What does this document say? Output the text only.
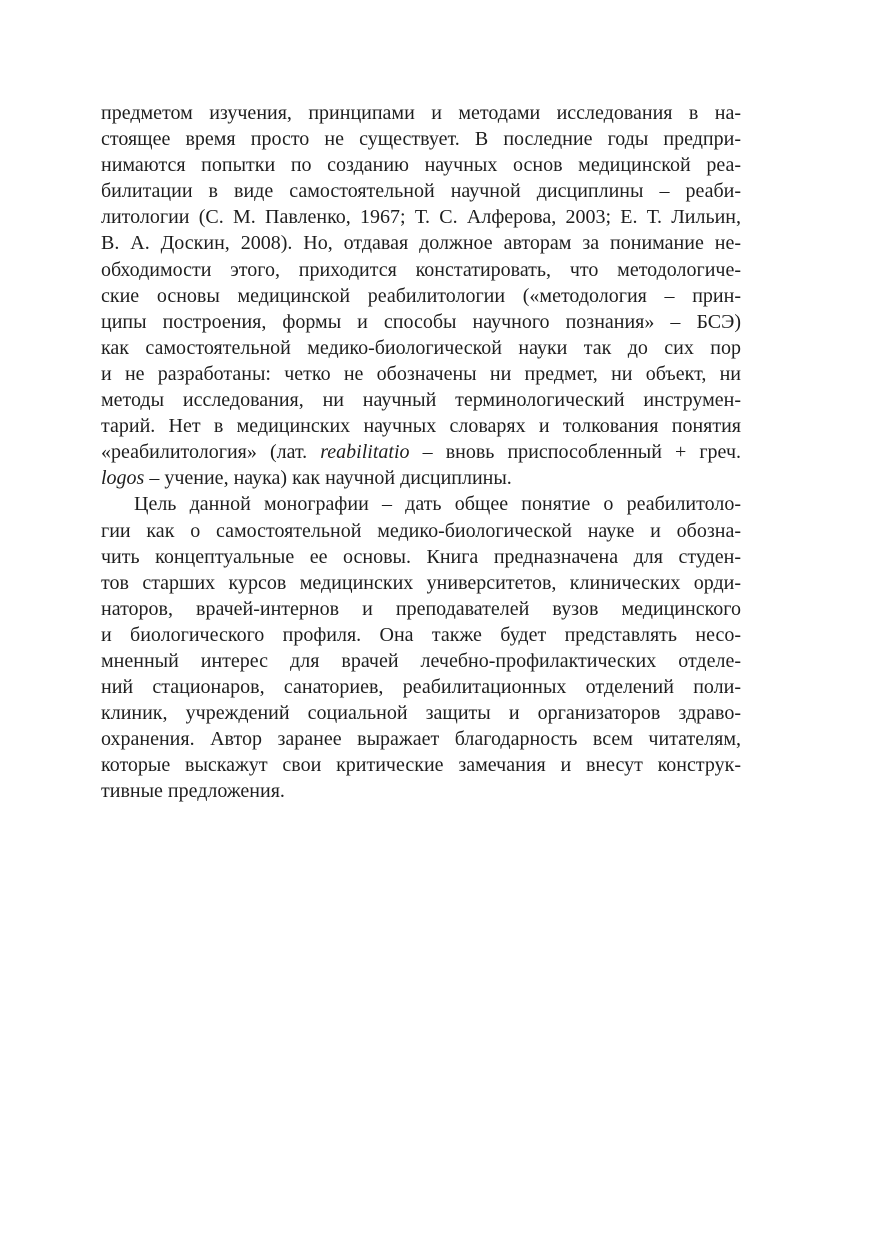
предметом изучения, принципами и методами исследования в на-
стоящее время просто не существует. В последние годы предпри-
нимаются попытки по созданию научных основ медицинской реа-
билитации в виде самостоятельной научной дисциплины – реаби-
литологии (С. М. Павленко, 1967; Т. С. Алферова, 2003; Е. Т. Лильин,
В. А. Доскин, 2008). Но, отдавая должное авторам за понимание не-
обходимости этого, приходится констатировать, что методологиче-
ские основы медицинской реабилитологии («методология – прин-
ципы построения, формы и способы научного познания» – БСЭ)
как самостоятельной медико-биологической науки так до сих пор
и не разработаны: четко не обозначены ни предмет, ни объект, ни
методы исследования, ни научный терминологический инструмен-
тарий. Нет в медицинских научных словарях и толкования понятия
«реабилитология» (лат. reabilitatio – вновь приспособленный + греч.
logos – учение, наука) как научной дисциплины.
Цель данной монографии – дать общее понятие о реабилитоло-
гии как о самостоятельной медико-биологической науке и обозна-
чить концептуальные ее основы. Книга предназначена для студен-
тов старших курсов медицинских университетов, клинических орди-
наторов, врачей-интернов и преподавателей вузов медицинского
и биологического профиля. Она также будет представлять несо-
мненный интерес для врачей лечебно-профилактических отделе-
ний стационаров, санаториев, реабилитационных отделений поли-
клиник, учреждений социальной защиты и организаторов здраво-
охранения. Автор заранее выражает благодарность всем читателям,
которые выскажут свои критические замечания и внесут конструк-
тивные предложения.
